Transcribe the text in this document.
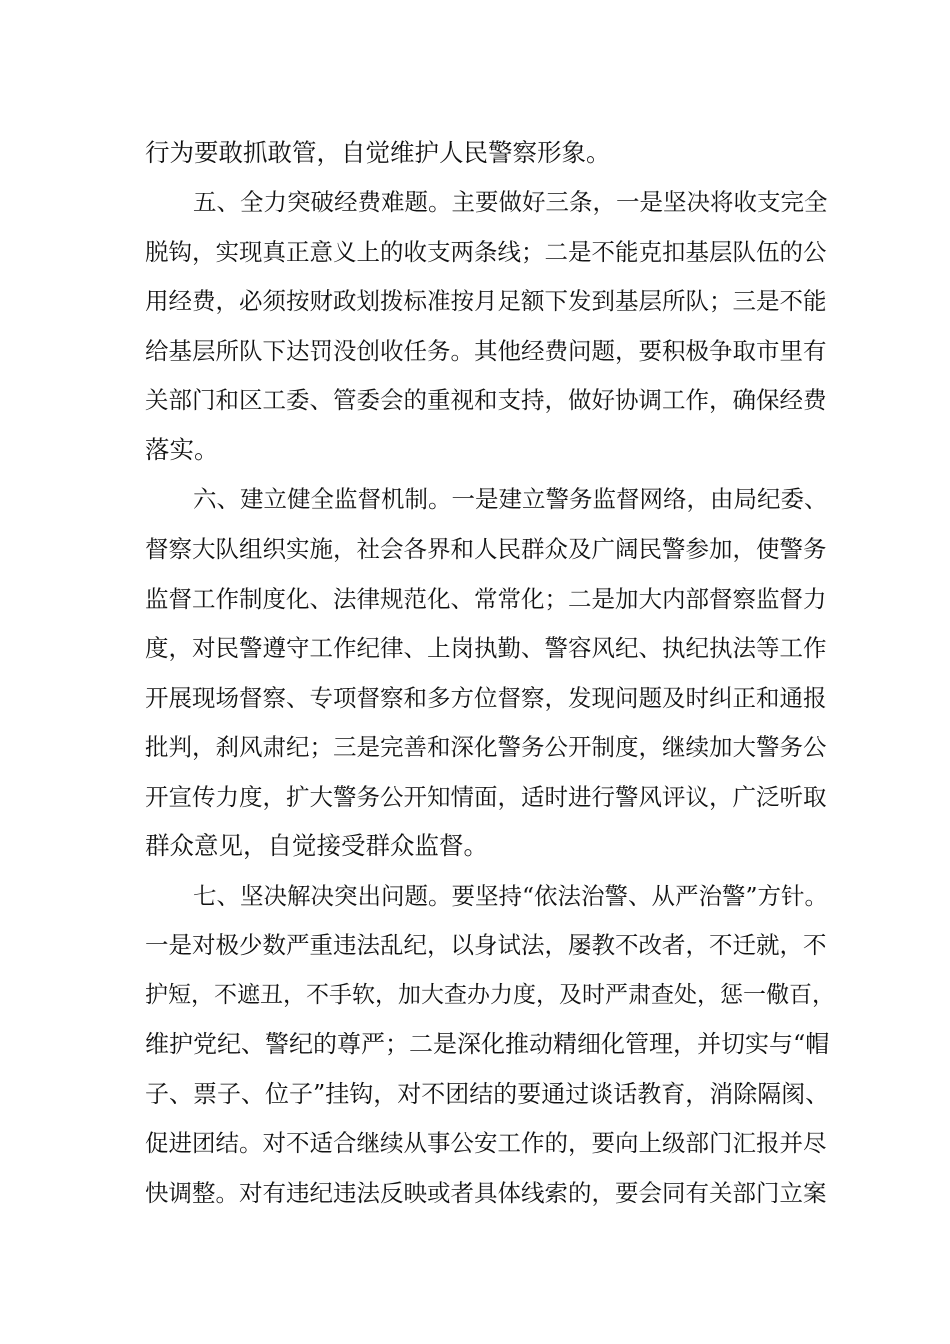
行为要敢抓敢管，自觉维护人民警察形象。
五、全力突破经费难题。主要做好三条，一是坚决将收支完全
脱钩，实现真正意义上的收支两条线；二是不能克扣基层队伍的公
用经费，必须按财政划拨标准按月足额下发到基层所队；三是不能
给基层所队下达罚没创收任务。其他经费问题，要积极争取市里有
关部门和区工委、管委会的重视和支持，做好协调工作，确保经费
落实。
六、建立健全监督机制。一是建立警务监督网络，由局纪委、
督察大队组织实施，社会各界和人民群众及广阔民警参加，使警务
监督工作制度化、法律规范化、常常化；二是加大内部督察监督力
度，对民警遵守工作纪律、上岗执勤、警容风纪、执纪执法等工作
开展现场督察、专项督察和多方位督察，发现问题及时纠正和通报
批判，刹风肃纪；三是完善和深化警务公开制度，继续加大警务公
开宣传力度，扩大警务公开知情面，适时进行警风评议，广泛听取
群众意见，自觉接受群众监督。
七、坚决解决突出问题。要坚持“依法治警、从严治警”方针。
一是对极少数严重违法乱纪，以身试法，屡教不改者，不迁就，不
护短，不遮丑，不手软，加大查办力度，及时严肃查处，惩一儆百，
维护党纪、警纪的尊严；二是深化推动精细化管理，并切实与“帽
子、票子、位子”挂钩，对不团结的要通过谈话教育，消除隔阂、
促进团结。对不适合继续从事公安工作的，要向上级部门汇报并尽
快调整。对有违纪违法反映或者具体线索的，要会同有关部门立案
